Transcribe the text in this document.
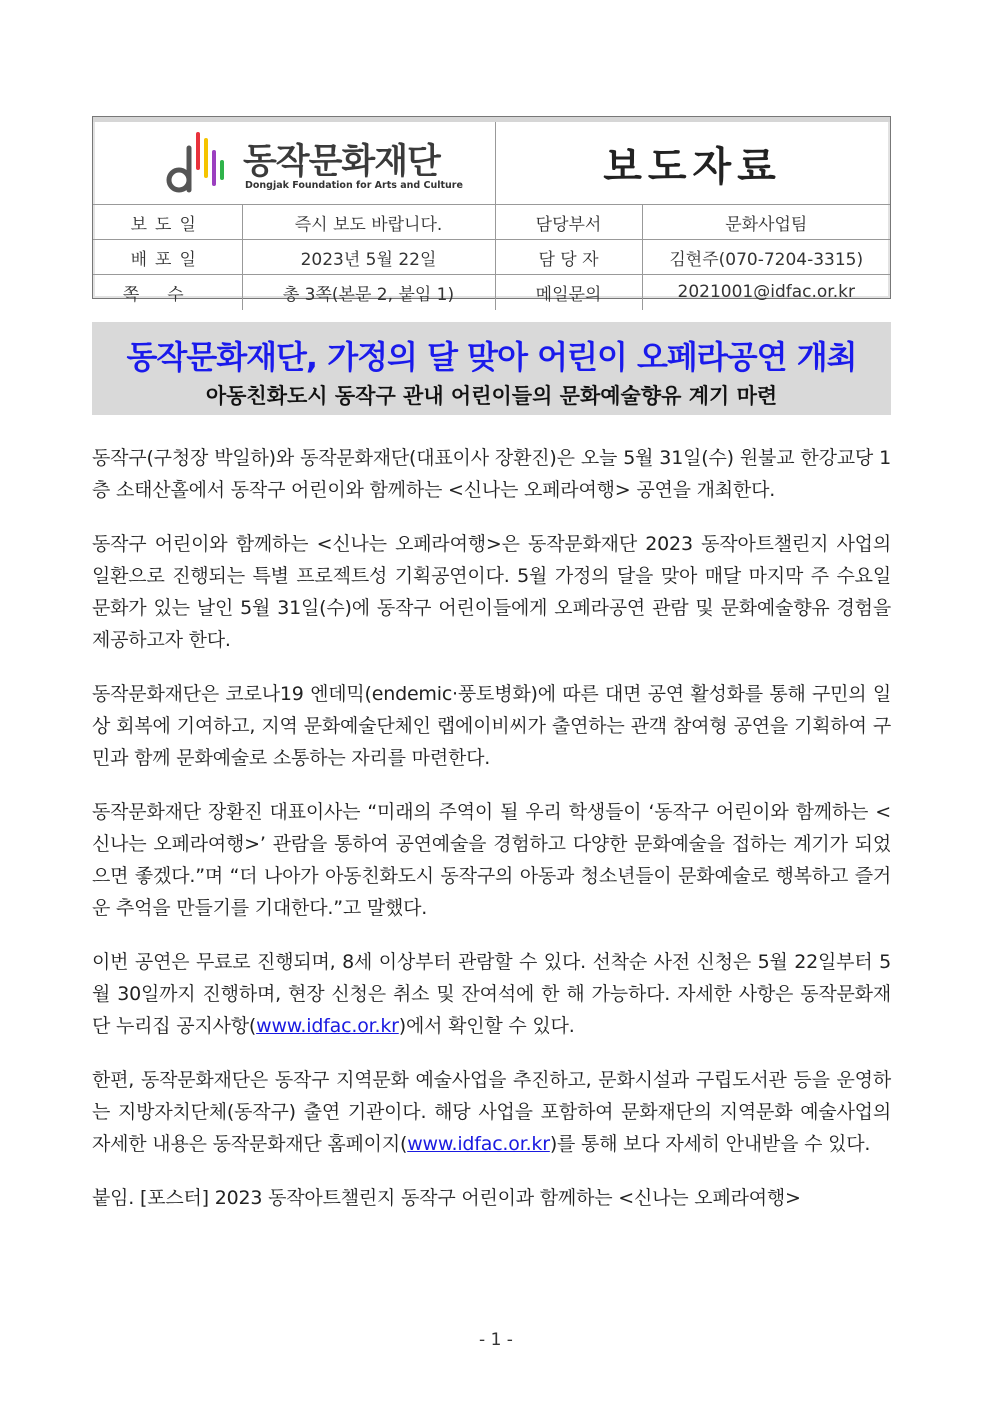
동작문화재단
Dongjak Foundation for Arts and Culture	보도자료
보도일	즉시 보도 바랍니다.	담당부서	문화사업팀
배포일	2023년 5월 22일	담 당 자	김현주(070-7204-3315)
쪽수	총 3쪽(본문 2, 붙임 1)	메일문의	2021001@idfac.or.kr
동작문화재단, 가정의 달 맞아 어린이 오페라공연 개최
아동친화도시 동작구 관내 어린이들의 문화예술향유 계기 마련

동작구(구청장 박일하)와 동작문화재단(대표이사 장환진)은 오늘 5월 31일(수) 원불교 한강교당 1층 소태산홀에서 동작구 어린이와 함께하는 <신나는 오페라여행> 공연을 개최한다.

동작구 어린이와 함께하는 <신나는 오페라여행>은 동작문화재단 2023 동작아트챌린지 사업의 일환으로 진행되는 특별 프로젝트성 기획공연이다. 5월 가정의 달을 맞아 매달 마지막 주 수요일 문화가 있는 날인 5월 31일(수)에 동작구 어린이들에게 오페라공연 관람 및 문화예술향유 경험을 제공하고자 한다.

동작문화재단은 코로나19 엔데믹(endemic·풍토병화)에 따른 대면 공연 활성화를 통해 구민의 일상 회복에 기여하고, 지역 문화예술단체인 랩에이비씨가 출연하는 관객 참여형 공연을 기획하여 구민과 함께 문화예술로 소통하는 자리를 마련한다.

동작문화재단 장환진 대표이사는 “미래의 주역이 될 우리 학생들이 ‘동작구 어린이와 함께하는 <신나는 오페라여행>’ 관람을 통하여 공연예술을 경험하고 다양한 문화예술을 접하는 계기가 되었으면 좋겠다.”며 “더 나아가 아동친화도시 동작구의 아동과 청소년들이 문화예술로 행복하고 즐거운 추억을 만들기를 기대한다.”고 말했다.

이번 공연은 무료로 진행되며, 8세 이상부터 관람할 수 있다. 선착순 사전 신청은 5월 22일부터 5월 30일까지 진행하며, 현장 신청은 취소 및 잔여석에 한 해 가능하다. 자세한 사항은 동작문화재단 누리집 공지사항(www.idfac.or.kr)에서 확인할 수 있다.

한편, 동작문화재단은 동작구 지역문화 예술사업을 추진하고, 문화시설과 구립도서관 등을 운영하는 지방자치단체(동작구) 출연 기관이다. 해당 사업을 포함하여 문화재단의 지역문화 예술사업의 자세한 내용은 동작문화재단 홈페이지(www.idfac.or.kr)를 통해 보다 자세히 안내받을 수 있다.

붙임. [포스터] 2023 동작아트챌린지 동작구 어린이과 함께하는 <신나는 오페라여행>

- 1 -
